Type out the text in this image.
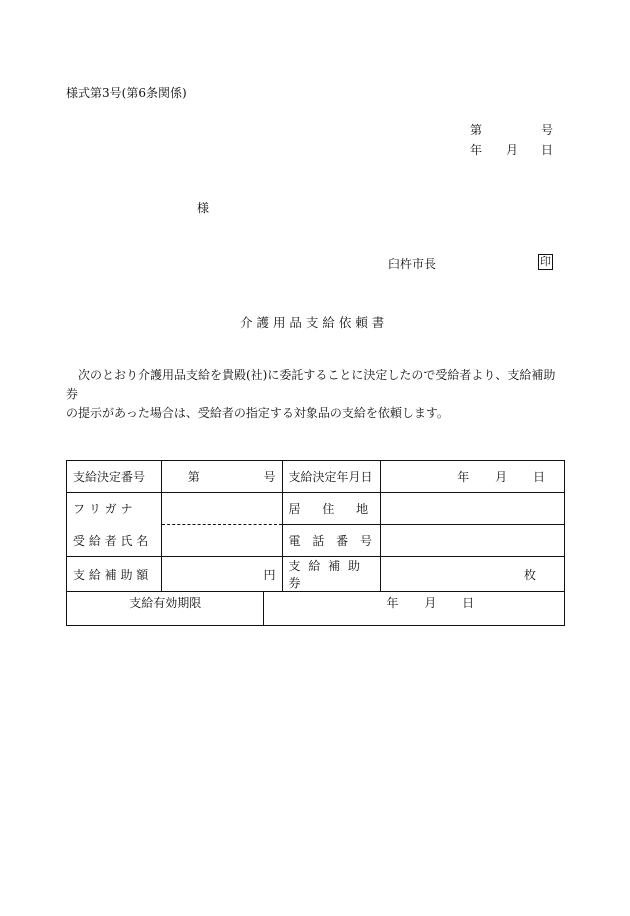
様式第3号(第6条関係)
第	号
年 月 日
様
臼杵市長	印
介 護 用 品 支 給 依 頼 書

次のとおり介護用品支給を貴殿(社)に委託することに決定したので受給者より、支給補助券

の提示があった場合は、受給者の指定する対象品の支給を依頼します。

支給決定番号	第 号	支給決定年月日	年 月 日
フ リ ガ ナ		居 住 地	
受 給 者 氏 名		電 話 番 号	
支 給 補 助 額	円	支 給 補 助 券	枚
支給有効期限	年 月 日
